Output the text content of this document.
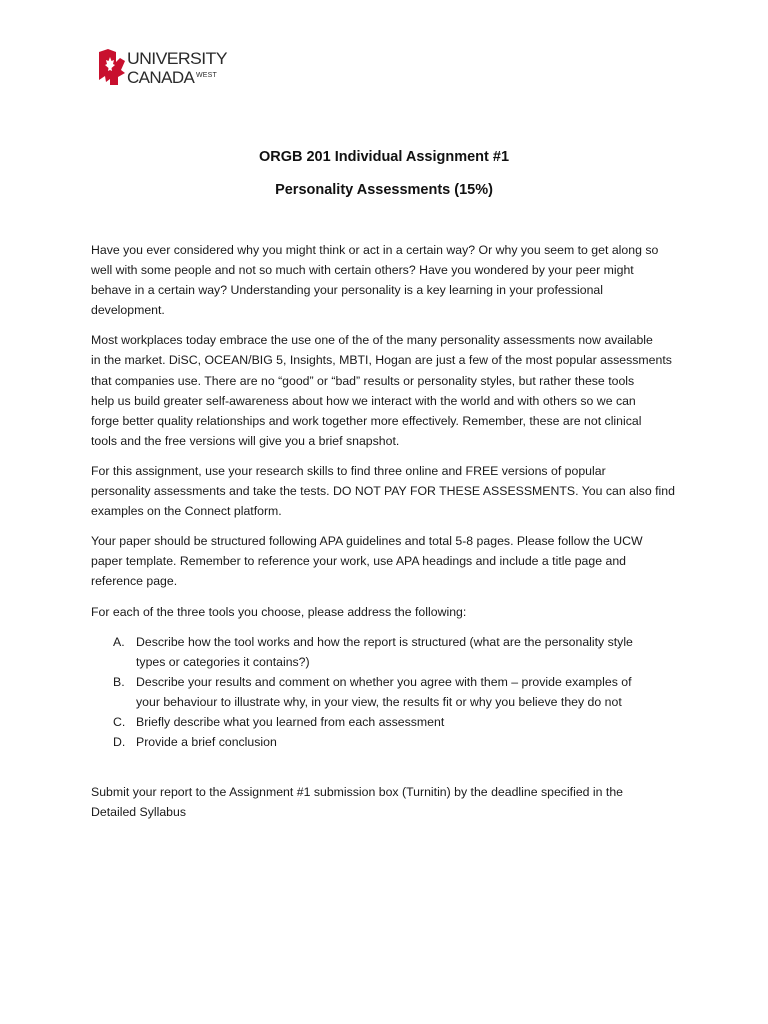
UNIVERSITY
CANADA WEST
ORGB 201 Individual Assignment #1
Personality Assessments (15%)
Have you ever considered why you might think or act in a certain way? Or why you seem to get along so
well with some people and not so much with certain others? Have you wondered by your peer might
behave in a certain way? Understanding your personality is a key learning in your professional
development.
Most workplaces today embrace the use one of the of the many personality assessments now available
in the market. DiSC, OCEAN/BIG 5, Insights, MBTI, Hogan are just a few of the most popular assessments
that companies use. There are no “good” or “bad” results or personality styles, but rather these tools
help us build greater self-awareness about how we interact with the world and with others so we can
forge better quality relationships and work together more effectively. Remember, these are not clinical
tools and the free versions will give you a brief snapshot.
For this assignment, use your research skills to find three online and FREE versions of popular
personality assessments and take the tests. DO NOT PAY FOR THESE ASSESSMENTS. You can also find
examples on the Connect platform.
Your paper should be structured following APA guidelines and total 5-8 pages. Please follow the UCW
paper template. Remember to reference your work, use APA headings and include a title page and
reference page.
For each of the three tools you choose, please address the following:
A. Describe how the tool works and how the report is structured (what are the personality style
types or categories it contains?)
B. Describe your results and comment on whether you agree with them – provide examples of
your behaviour to illustrate why, in your view, the results fit or why you believe they do not
C. Briefly describe what you learned from each assessment
D. Provide a brief conclusion
Submit your report to the Assignment #1 submission box (Turnitin) by the deadline specified in the
Detailed Syllabus
